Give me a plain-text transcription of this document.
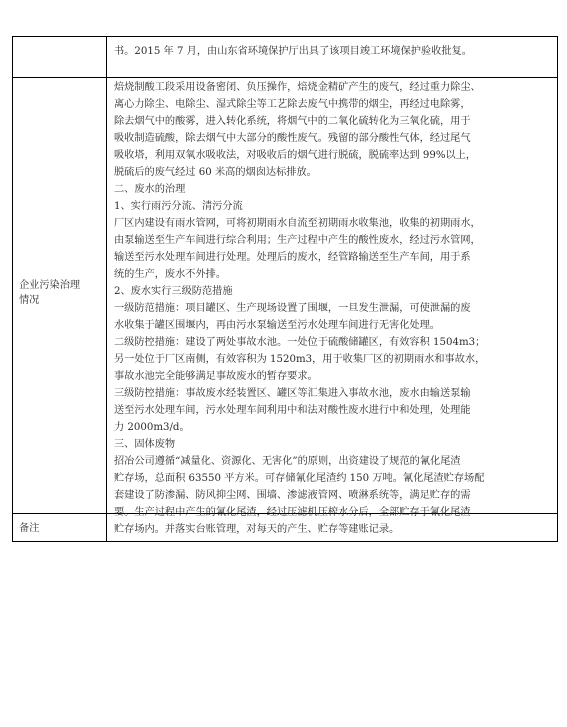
书。2015 年 7 月，由山东省环境保护厅出具了该项目竣工环境保护验收批复。

企业污染治理
情况

焙烧制酸工段采用设备密闭、负压操作，焙烧金精矿产生的废气，经过重力除尘、

离心力除尘、电除尘、湿式除尘等工艺除去废气中携带的烟尘，再经过电除雾，

除去烟气中的酸雾，进入转化系统，将烟气中的二氧化硫转化为三氧化硫，用于

吸收制造硫酸，除去烟气中大部分的酸性废气。残留的部分酸性气体，经过尾气

吸收塔，利用双氧水吸收法，对吸收后的烟气进行脱硫，脱硫率达到 99%以上，

脱硫后的废气经过 60 米高的烟囱达标排放。

二、废水的治理

1、实行雨污分流、清污分流

厂区内建设有雨水管网，可将初期雨水自流至初期雨水收集池，收集的初期雨水，

由泵输送至生产车间进行综合利用；生产过程中产生的酸性废水，经过污水管网，

输送至污水处理车间进行处理。处理后的废水，经管路输送至生产车间，用于系

统的生产，废水不外排。

2、废水实行三级防范措施

一级防范措施：项目罐区、生产现场设置了围堰，一旦发生泄漏，可使泄漏的废

水收集于罐区围堰内，再由污水泵输送至污水处理车间进行无害化处理。

二级防控措施：建设了两处事故水池。一处位于硫酸储罐区，有效容积 1504m3；

另一处位于厂区南侧，有效容积为 1520m3，用于收集厂区的初期雨水和事故水，

事故水池完全能够满足事故废水的暂存要求。

三级防控措施：事故废水经装置区、罐区等汇集进入事故水池，废水由输送泵输

送至污水处理车间，污水处理车间利用中和法对酸性废水进行中和处理，处理能

力 2000m3/d。

三、固体废物

招冶公司遵循“减量化、资源化、无害化”的原则，出资建设了规范的氰化尾渣

贮存场，总面积 63550 平方米。可存储氰化尾渣约 150 万吨。氰化尾渣贮存场配

套建设了防渗漏、防风抑尘网、围墙、渗滤液管网、喷淋系统等，满足贮存的需

要。生产过程中产生的氰化尾渣，经过压滤机压榨水分后，全部贮存于氰化尾渣

贮存场内。并落实台账管理，对每天的产生、贮存等建账记录。

备注
